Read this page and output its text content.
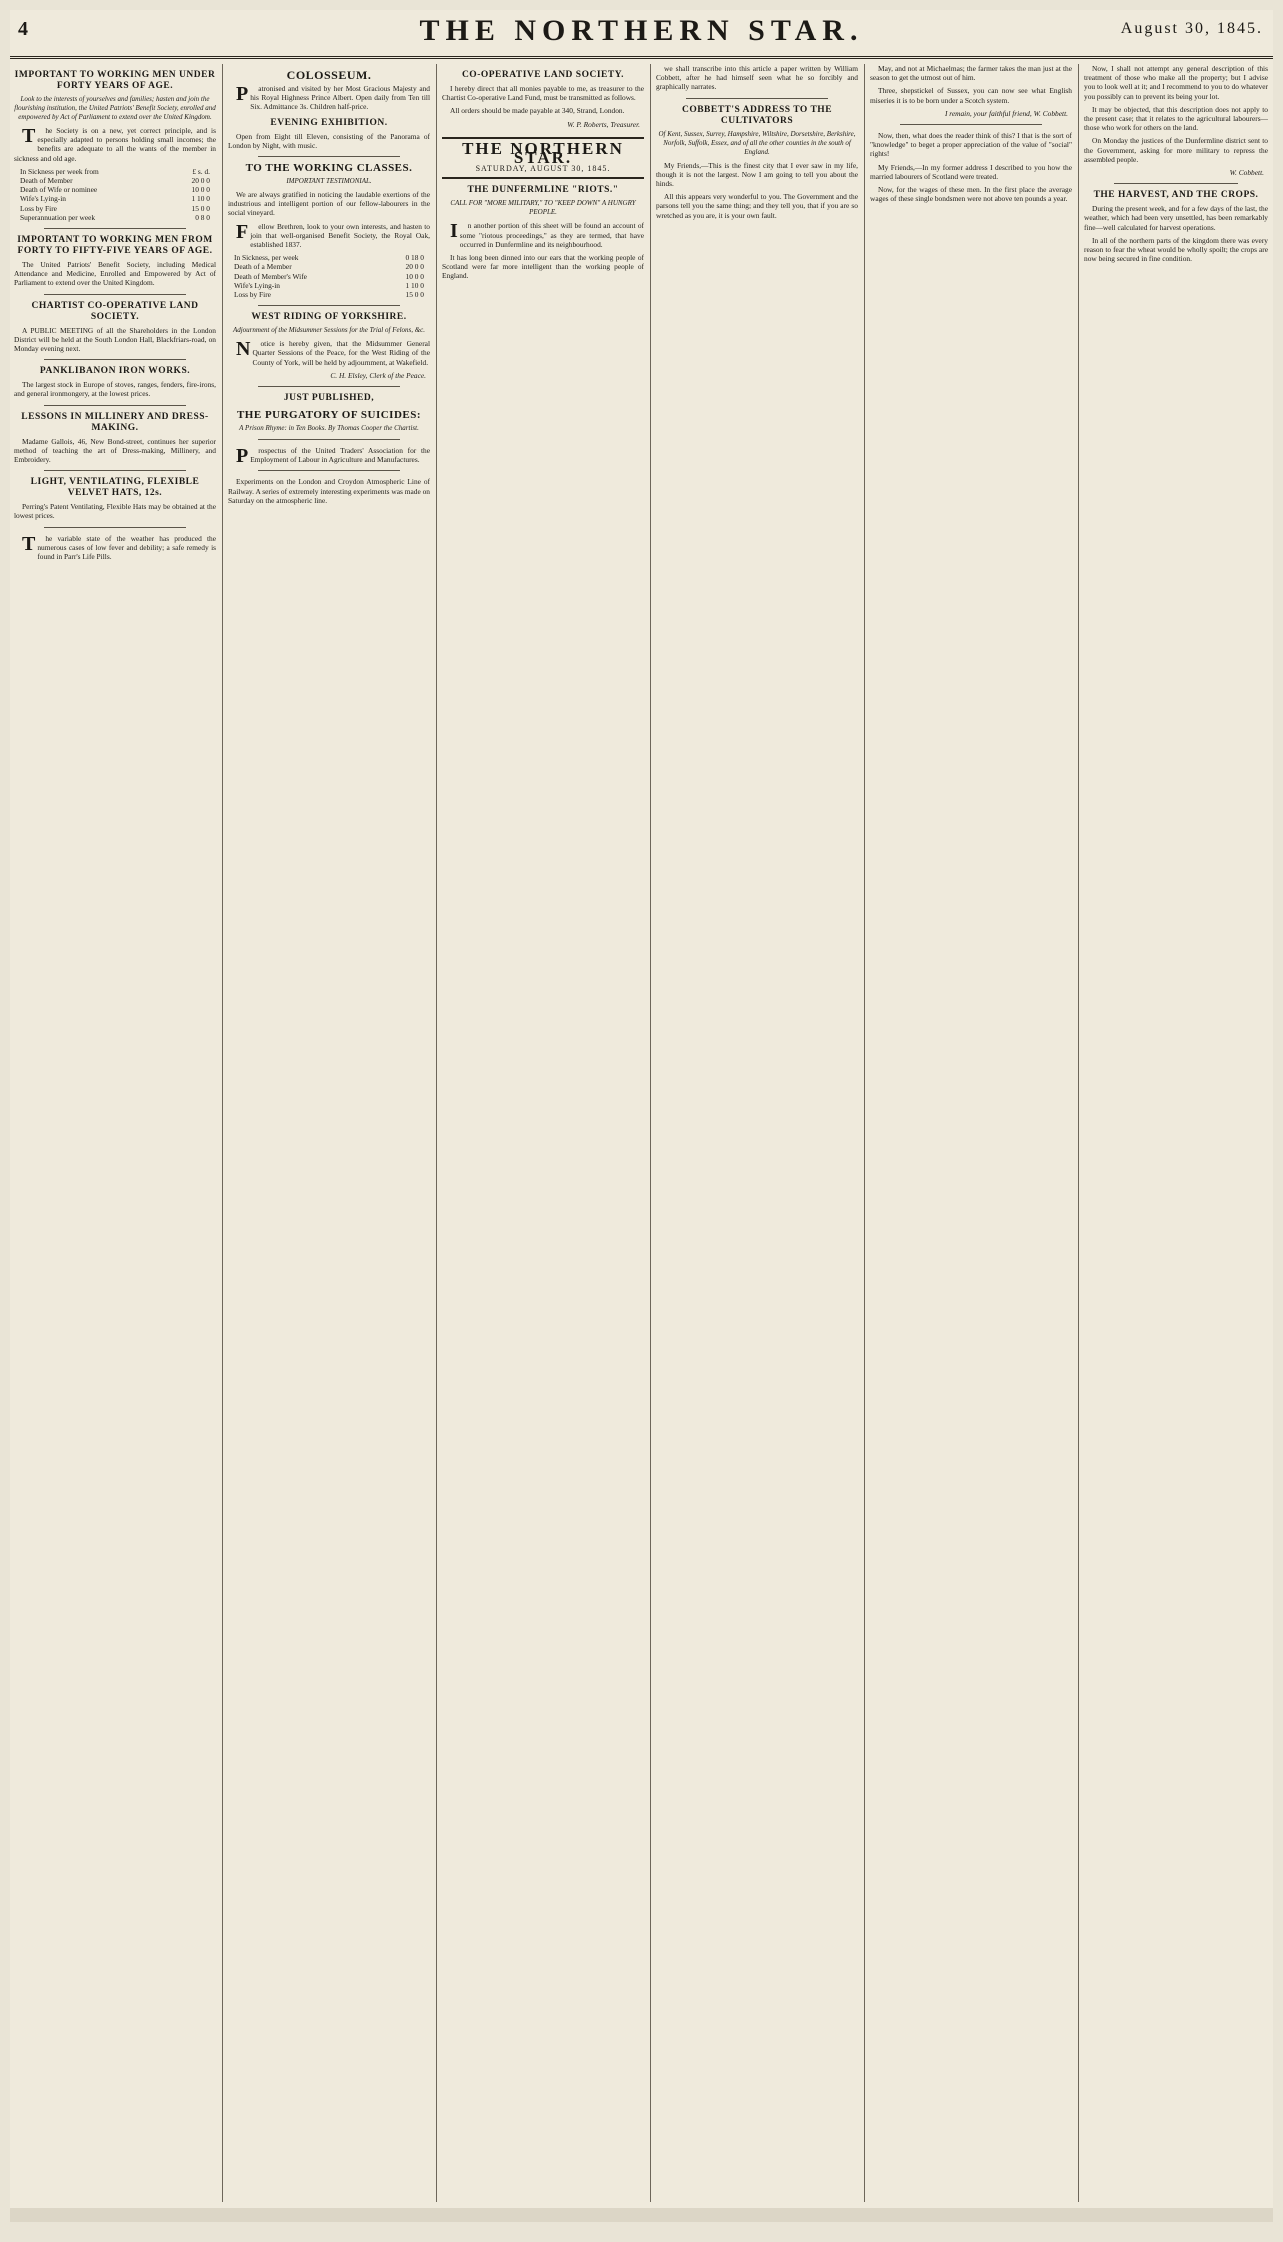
4	THE NORTHERN STAR.	August 30, 1845.
IMPORTANT TO WORKING MEN UNDER FORTY YEARS OF AGE.
Look to the interests of yourselves and families; hasten and join the flourishing institution, the United Patriots' Benefit Society, enrolled and empowered by Act of Parliament to extend over the United Kingdom.
The Society is on a new, yet correct principle, and is especially adapted to persons holding small incomes; the benefits are adequate to all the wants of the member in sickness and old age.
In Sickness per week from	£ s. d.
Death of Member	20 0 0
Death of Wife or nominee	10 0 0
Wife's Lying-in	1 10 0
Loss by Fire	15 0 0
Superannuation per week	0 8 0
IMPORTANT TO WORKING MEN FROM FORTY TO FIFTY-FIVE YEARS OF AGE.
The United Patriots' Benefit Society, including Medical Attendance and Medicine, Enrolled and Empowered by Act of Parliament to extend over the United Kingdom.
CHARTIST CO-OPERATIVE LAND SOCIETY.
A PUBLIC MEETING of all the Shareholders in the London District will be held at the South London Hall, Blackfriars-road, on Monday evening next.
PANKLIBANON IRON WORKS.
The largest stock in Europe of stoves, ranges, fenders, fire-irons, and general ironmongery, at the lowest prices.
LESSONS IN MILLINERY AND DRESS-MAKING.
Madame Gallois, 46, New Bond-street, continues her superior method of teaching the art of Dress-making, Millinery, and Embroidery.
LIGHT, VENTILATING, FLEXIBLE VELVET HATS, 12s.
Perring's Patent Ventilating, Flexible Hats may be obtained at the lowest prices.
The variable state of the weather has produced the numerous cases of low fever and debility; a safe remedy is found in Parr's Life Pills.
COLOSSEUM.
Patronised and visited by her Most Gracious Majesty and his Royal Highness Prince Albert. Open daily from Ten till Six. Admittance 3s. Children half-price.
EVENING EXHIBITION.
Open from Eight till Eleven, consisting of the Panorama of London by Night, with music.
TO THE WORKING CLASSES.
IMPORTANT TESTIMONIAL.
We are always gratified in noticing the laudable exertions of the industrious and intelligent portion of our fellow-labourers in the social vineyard.
Fellow Brethren, look to your own interests, and hasten to join that well-organised Benefit Society, the Royal Oak, established 1837.
In Sickness, per week	0 18 0
Death of a Member	20 0 0
Death of Member's Wife	10 0 0
Wife's Lying-in	1 10 0
Loss by Fire	15 0 0
WEST RIDING OF YORKSHIRE.
Adjournment of the Midsummer Sessions for the Trial of Felons, &c.
Notice is hereby given, that the Midsummer General Quarter Sessions of the Peace, for the West Riding of the County of York, will be held by adjournment, at Wakefield.
C. H. Elsley, Clerk of the Peace.
JUST PUBLISHED,
THE PURGATORY OF SUICIDES:
A Prison Rhyme: in Ten Books. By Thomas Cooper the Chartist.
Prospectus of the United Traders' Association for the Employment of Labour in Agriculture and Manufactures.
Experiments on the London and Croydon Atmospheric Line of Railway. A series of extremely interesting experiments was made on Saturday on the atmospheric line.
CO-OPERATIVE LAND SOCIETY.
I hereby direct that all monies payable to me, as treasurer to the Chartist Co-operative Land Fund, must be transmitted as follows.
All orders should be made payable at 340, Strand, London.
W. P. Roberts, Treasurer.
THE NORTHERN STAR.
SATURDAY, AUGUST 30, 1845.
THE DUNFERMLINE "RIOTS."
CALL FOR "MORE MILITARY," TO "KEEP DOWN" A HUNGRY PEOPLE.
In another portion of this sheet will be found an account of some "riotous proceedings," as they are termed, that have occurred in Dunfermline and its neighbourhood.
It has long been dinned into our ears that the working people of Scotland were far more intelligent than the working people of England.
we shall transcribe into this article a paper written by William Cobbett, after he had himself seen what he so forcibly and graphically narrates.
COBBETT'S ADDRESS TO THE CULTIVATORS
Of Kent, Sussex, Surrey, Hampshire, Wiltshire, Dorsetshire, Berkshire, Norfolk, Suffolk, Essex, and of all the other counties in the south of England.
My Friends,—This is the finest city that I ever saw in my life, though it is not the largest. Now I am going to tell you about the hinds.
All this appears very wonderful to you. The Government and the parsons tell you the same thing; and they tell you, that if you are so wretched as you are, it is your own fault.
May, and not at Michaelmas; the farmer takes the man just at the season to get the utmost out of him.
Three, shepstickel of Sussex, you can now see what English miseries it is to be born under a Scotch system.
I remain, your faithful friend, W. Cobbett.
Now, then, what does the reader think of this? I that is the sort of "knowledge" to beget a proper appreciation of the value of "social" rights!
My Friends,—In my former address I described to you how the married labourers of Scotland were treated.
Now, for the wages of these men. In the first place the average wages of these single bondsmen were not above ten pounds a year.
Now, I shall not attempt any general description of this treatment of those who make all the property; but I advise you to look well at it; and I recommend to you to do whatever you possibly can to prevent its being your lot.
It may be objected, that this description does not apply to the present case; that it relates to the agricultural labourers—those who work for others on the land.
On Monday the justices of the Dunfermline district sent to the Government, asking for more military to repress the assembled people.
W. Cobbett.
THE HARVEST, AND THE CROPS.
During the present week, and for a few days of the last, the weather, which had been very unsettled, has been remarkably fine—well calculated for harvest operations.
In all of the northern parts of the kingdom there was every reason to fear the wheat would be wholly spoilt; the crops are now being secured in fine condition.
